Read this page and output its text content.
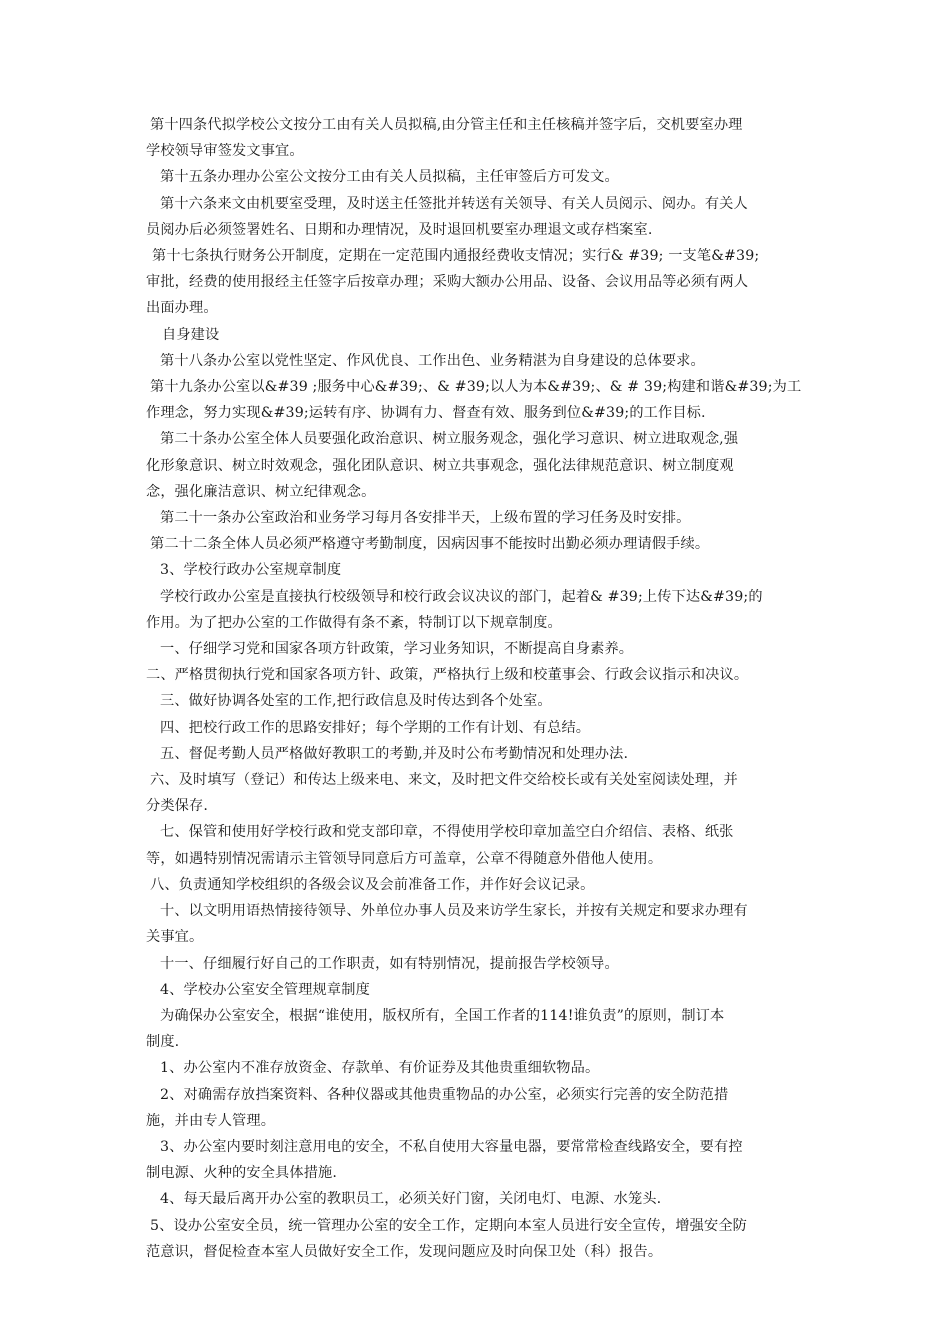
第十四条代拟学校公文按分工由有关人员拟稿,由分管主任和主任核稿并签字后，交机要室办理
学校领导审签发文事宜。
第十五条办理办公室公文按分工由有关人员拟稿，主任审签后方可发文。
第十六条来文由机要室受理，及时送主任签批并转送有关领导、有关人员阅示、阅办。有关人
员阅办后必须签署姓名、日期和办理情况，及时退回机要室办理退文或存档案室.
第十七条执行财务公开制度，定期在一定范围内通报经费收支情况；实行& #39; 一支笔&#39;
审批，经费的使用报经主任签字后按章办理；采购大额办公用品、设备、会议用品等必须有两人
出面办理。
自身建设
第十八条办公室以党性坚定、作风优良、工作出色、业务精湛为自身建设的总体要求。
第十九条办公室以&#39 ;服务中心&#39;、& #39;以人为本&#39;、& # 39;构建和谐&#39;为工
作理念，努力实现&#39;运转有序、协调有力、督查有效、服务到位&#39;的工作目标.
第二十条办公室全体人员要强化政治意识、树立服务观念，强化学习意识、树立进取观念,强
化形象意识、树立时效观念，强化团队意识、树立共事观念，强化法律规范意识、树立制度观
念，强化廉洁意识、树立纪律观念。
第二十一条办公室政治和业务学习每月各安排半天，上级布置的学习任务及时安排。
第二十二条全体人员必须严格遵守考勤制度，因病因事不能按时出勤必须办理请假手续。
3、学校行政办公室规章制度
学校行政办公室是直接执行校级领导和校行政会议决议的部门，起着& #39;上传下达&#39;的
作用。为了把办公室的工作做得有条不紊，特制订以下规章制度。
一、仔细学习党和国家各项方针政策，学习业务知识，不断提高自身素养。
二、严格贯彻执行党和国家各项方针、政策，严格执行上级和校董事会、行政会议指示和决议。
三、做好协调各处室的工作,把行政信息及时传达到各个处室。
四、把校行政工作的思路安排好；每个学期的工作有计划、有总结。
五、督促考勤人员严格做好教职工的考勤,并及时公布考勤情况和处理办法.
六、及时填写（登记）和传达上级来电、来文，及时把文件交给校长或有关处室阅读处理，并
分类保存.
七、保管和使用好学校行政和党支部印章，不得使用学校印章加盖空白介绍信、表格、纸张
等，如遇特别情况需请示主管领导同意后方可盖章，公章不得随意外借他人使用。
八、负责通知学校组织的各级会议及会前准备工作，并作好会议记录。
十、以文明用语热情接待领导、外单位办事人员及来访学生家长，并按有关规定和要求办理有
关事宜。
十一、仔细履行好自己的工作职责，如有特别情况，提前报告学校领导。
4、学校办公室安全管理规章制度
为确保办公室安全，根据“谁使用，版权所有，全国工作者的114!谁负责”的原则，制订本
制度.
1、办公室内不准存放资金、存款单、有价证券及其他贵重细软物品。
2、对确需存放挡案资料、各种仪器或其他贵重物品的办公室，必须实行完善的安全防范措
施，并由专人管理。
3、办公室内要时刻注意用电的安全，不私自使用大容量电器，要常常检查线路安全，要有控
制电源、火种的安全具体措施.
4、每天最后离开办公室的教职员工，必须关好门窗，关闭电灯、电源、水笼头.
5、设办公室安全员，统一管理办公室的安全工作，定期向本室人员进行安全宣传，增强安全防
范意识，督促检查本室人员做好安全工作，发现问题应及时向保卫处（科）报告。
